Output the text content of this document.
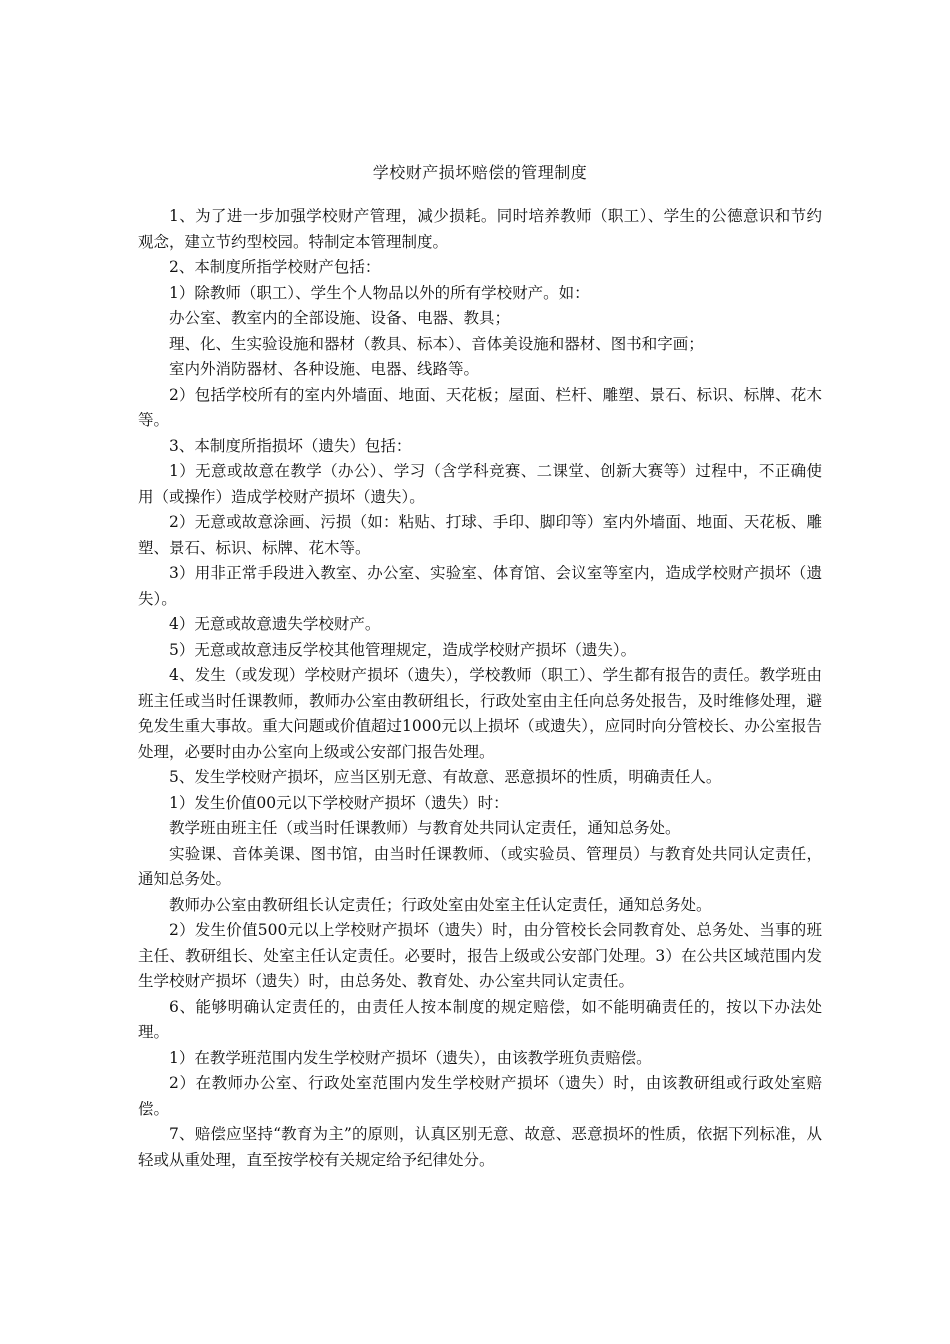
学校财产损坏赔偿的管理制度

1、为了进一步加强学校财产管理，减少损耗。同时培养教师（职工）、学生的公德意识和节约观念，建立节约型校园。特制定本管理制度。

2、本制度所指学校财产包括：

1）除教师（职工）、学生个人物品以外的所有学校财产。如：

办公室、教室内的全部设施、设备、电器、教具；

理、化、生实验设施和器材（教具、标本）、音体美设施和器材、图书和字画；

室内外消防器材、各种设施、电器、线路等。

2）包括学校所有的室内外墙面、地面、天花板；屋面、栏杆、雕塑、景石、标识、标牌、花木等。

3、本制度所指损坏（遗失）包括：

1）无意或故意在教学（办公）、学习（含学科竞赛、二课堂、创新大赛等）过程中，不正确使用（或操作）造成学校财产损坏（遗失）。

2）无意或故意涂画、污损（如：粘贴、打球、手印、脚印等）室内外墙面、地面、天花板、雕塑、景石、标识、标牌、花木等。

3）用非正常手段进入教室、办公室、实验室、体育馆、会议室等室内，造成学校财产损坏（遗失）。

4）无意或故意遗失学校财产。

5）无意或故意违反学校其他管理规定，造成学校财产损坏（遗失）。

4、发生（或发现）学校财产损坏（遗失），学校教师（职工）、学生都有报告的责任。教学班由班主任或当时任课教师，教师办公室由教研组长，行政处室由主任向总务处报告，及时维修处理，避免发生重大事故。重大问题或价值超过1000元以上损坏（或遗失），应同时向分管校长、办公室报告处理，必要时由办公室向上级或公安部门报告处理。

5、发生学校财产损坏，应当区别无意、有故意、恶意损坏的性质，明确责任人。

1）发生价值00元以下学校财产损坏（遗失）时：

教学班由班主任（或当时任课教师）与教育处共同认定责任，通知总务处。

实验课、音体美课、图书馆，由当时任课教师、（或实验员、管理员）与教育处共同认定责任，通知总务处。

教师办公室由教研组长认定责任；行政处室由处室主任认定责任，通知总务处。

2）发生价值500元以上学校财产损坏（遗失）时，由分管校长会同教育处、总务处、当事的班主任、教研组长、处室主任认定责任。必要时，报告上级或公安部门处理。3）在公共区域范围内发生学校财产损坏（遗失）时，由总务处、教育处、办公室共同认定责任。

6、能够明确认定责任的，由责任人按本制度的规定赔偿，如不能明确责任的，按以下办法处理。

1）在教学班范围内发生学校财产损坏（遗失），由该教学班负责赔偿。

2）在教师办公室、行政处室范围内发生学校财产损坏（遗失）时，由该教研组或行政处室赔偿。

7、赔偿应坚持“教育为主”的原则，认真区别无意、故意、恶意损坏的性质，依据下列标准，从轻或从重处理，直至按学校有关规定给予纪律处分。
